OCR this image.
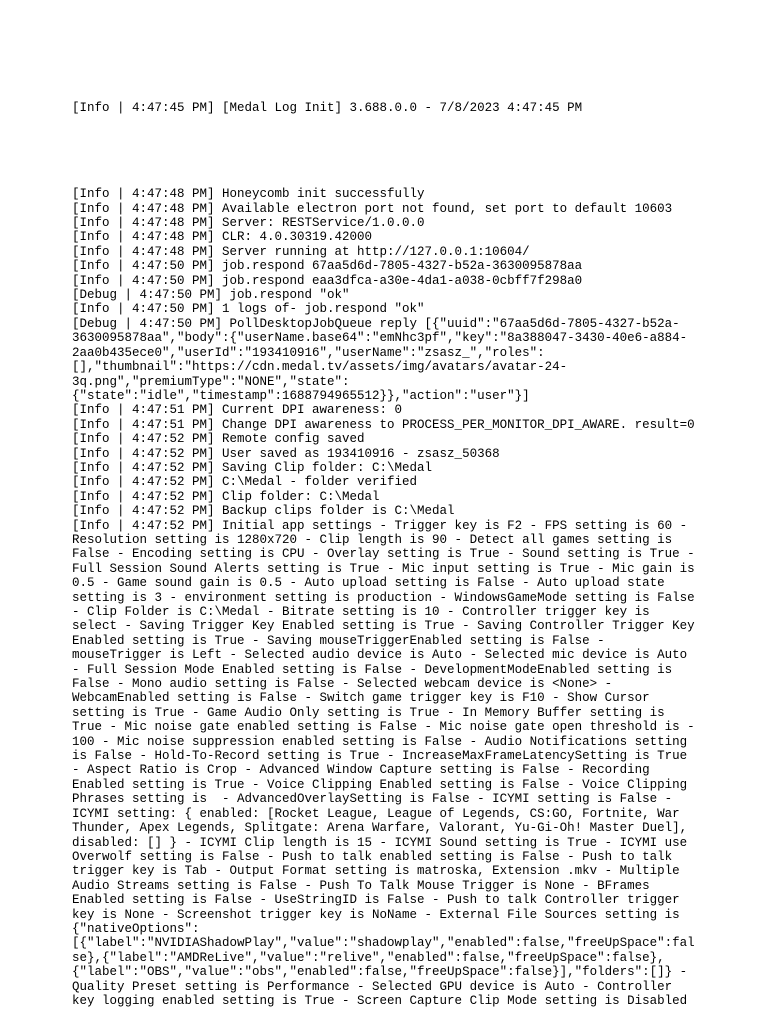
[Info | 4:47:45 PM] [Medal Log Init] 3.688.0.0 - 7/8/2023 4:47:45 PM

[Info | 4:47:48 PM] Honeycomb init successfully
[Info | 4:47:48 PM] Available electron port not found, set port to default 10603
[Info | 4:47:48 PM] Server: RESTService/1.0.0.0
[Info | 4:47:48 PM] CLR: 4.0.30319.42000
[Info | 4:47:48 PM] Server running at http://127.0.0.1:10604/
[Info | 4:47:50 PM] job.respond 67aa5d6d-7805-4327-b52a-3630095878aa
[Info | 4:47:50 PM] job.respond eaa3dfca-a30e-4da1-a038-0cbff7f298a0
[Debug | 4:47:50 PM] job.respond "ok"
[Info | 4:47:50 PM] 1 logs of- job.respond "ok"
[Debug | 4:47:50 PM] PollDesktopJobQueue reply [{"uuid":"67aa5d6d-7805-4327-b52a-
3630095878aa","body":{"userName.base64":"emNhc3pf","key":"8a388047-3430-40e6-a884-
2aa0b435ece0","userId":"193410916","userName":"zsasz_","roles":
[],"thumbnail":"https://cdn.medal.tv/assets/img/avatars/avatar-24-
3q.png","premiumType":"NONE","state":
{"state":"idle","timestamp":1688794965512}},"action":"user"}]
[Info | 4:47:51 PM] Current DPI awareness: 0
[Info | 4:47:51 PM] Change DPI awareness to PROCESS_PER_MONITOR_DPI_AWARE. result=0
[Info | 4:47:52 PM] Remote config saved
[Info | 4:47:52 PM] User saved as 193410916 - zsasz_50368
[Info | 4:47:52 PM] Saving Clip folder: C:\Medal
[Info | 4:47:52 PM] C:\Medal - folder verified
[Info | 4:47:52 PM] Clip folder: C:\Medal
[Info | 4:47:52 PM] Backup clips folder is C:\Medal
[Info | 4:47:52 PM] Initial app settings - Trigger key is F2 - FPS setting is 60 -
Resolution setting is 1280x720 - Clip length is 90 - Detect all games setting is
False - Encoding setting is CPU - Overlay setting is True - Sound setting is True -
Full Session Sound Alerts setting is True - Mic input setting is True - Mic gain is
0.5 - Game sound gain is 0.5 - Auto upload setting is False - Auto upload state
setting is 3 - environment setting is production - WindowsGameMode setting is False
- Clip Folder is C:\Medal - Bitrate setting is 10 - Controller trigger key is
select - Saving Trigger Key Enabled setting is True - Saving Controller Trigger Key
Enabled setting is True - Saving mouseTriggerEnabled setting is False -
mouseTrigger is Left - Selected audio device is Auto - Selected mic device is Auto
- Full Session Mode Enabled setting is False - DevelopmentModeEnabled setting is
False - Mono audio setting is False - Selected webcam device is <None> -
WebcamEnabled setting is False - Switch game trigger key is F10 - Show Cursor
setting is True - Game Audio Only setting is True - In Memory Buffer setting is
True - Mic noise gate enabled setting is False - Mic noise gate open threshold is -
100 - Mic noise suppression enabled setting is False - Audio Notifications setting
is False - Hold-To-Record setting is True - IncreaseMaxFrameLatencySetting is True
- Aspect Ratio is Crop - Advanced Window Capture setting is False - Recording
Enabled setting is True - Voice Clipping Enabled setting is False - Voice Clipping
Phrases setting is  - AdvancedOverlaySetting is False - ICYMI setting is False -
ICYMI setting: { enabled: [Rocket League, League of Legends, CS:GO, Fortnite, War
Thunder, Apex Legends, Splitgate: Arena Warfare, Valorant, Yu-Gi-Oh! Master Duel],
disabled: [] } - ICYMI Clip length is 15 - ICYMI Sound setting is True - ICYMI use
Overwolf setting is False - Push to talk enabled setting is False - Push to talk
trigger key is Tab - Output Format setting is matroska, Extension .mkv - Multiple
Audio Streams setting is False - Push To Talk Mouse Trigger is None - BFrames
Enabled setting is False - UseStringID is False - Push to talk Controller trigger
key is None - Screenshot trigger key is NoName - External File Sources setting is
{"nativeOptions":
[{"label":"NVIDIAShadowPlay","value":"shadowplay","enabled":false,"freeUpSpace":fal
se},{"label":"AMDReLive","value":"relive","enabled":false,"freeUpSpace":false},
{"label":"OBS","value":"obs","enabled":false,"freeUpSpace":false}],"folders":[]} -
Quality Preset setting is Performance - Selected GPU device is Auto - Controller
key logging enabled setting is True - Screen Capture Clip Mode setting is Disabled
